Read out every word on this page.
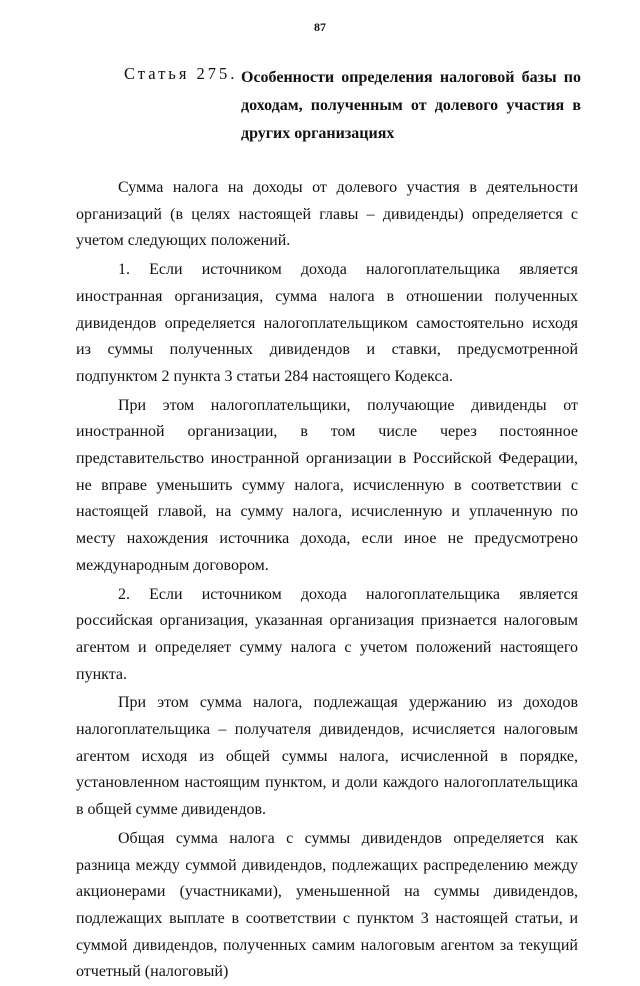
87
Статья 275. Особенности определения налоговой базы по доходам, полученным от долевого участия в других организациях

Сумма налога на доходы от долевого участия в деятельности организаций (в целях настоящей главы – дивиденды) определяется с учетом следующих положений.

1. Если источником дохода налогоплательщика является иностранная организация, сумма налога в отношении полученных дивидендов определяется налогоплательщиком самостоятельно исходя из суммы полученных дивидендов и ставки, предусмотренной подпунктом 2 пункта 3 статьи 284 настоящего Кодекса.

При этом налогоплательщики, получающие дивиденды от иностранной организации, в том числе через постоянное представительство иностранной организации в Российской Федерации, не вправе уменьшить сумму налога, исчисленную в соответствии с настоящей главой, на сумму налога, исчисленную и уплаченную по месту нахождения источника дохода, если иное не предусмотрено международным договором.

2. Если источником дохода налогоплательщика является российская организация, указанная организация признается налоговым агентом и определяет сумму налога с учетом положений настоящего пункта.

При этом сумма налога, подлежащая удержанию из доходов налогоплательщика – получателя дивидендов, исчисляется налоговым агентом исходя из общей суммы налога, исчисленной в порядке, установленном настоящим пунктом, и доли каждого налогоплательщика в общей сумме дивидендов.

Общая сумма налога с суммы дивидендов определяется как разница между суммой дивидендов, подлежащих распределению между акционерами (участниками), уменьшенной на суммы дивидендов, подлежащих выплате в соответствии с пунктом 3 настоящей статьи, и суммой дивидендов, полученных самим налоговым агентом за текущий отчетный (налоговый)
